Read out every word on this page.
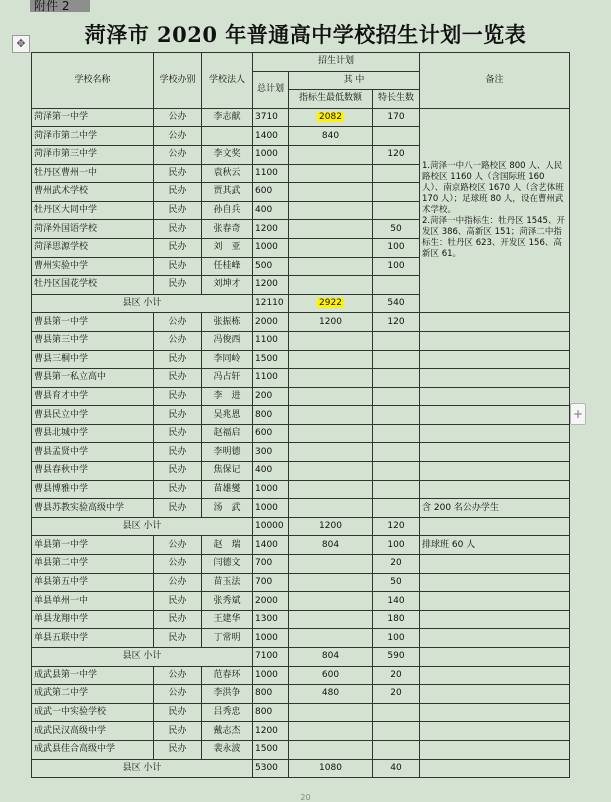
附件 2
✥	菏泽市 2020 年普通高中学校招生计划一览表
学校名称	学校办别	学校法人	招生计划			备注
			总计划	其 中		
				指标生最低数额	特长生数	
菏泽第一中学	公办	李志献	3710	2082	170	1.菏泽一中八一路校区 800 人、人民路校区 1160 人（含国际班 160 人）、南京路校区 1670 人（含艺体班 170 人）；足球班 80 人，设在曹州武术学校。
2.菏泽一中指标生：牡丹区 1545、开发区 386、高新区 151；菏泽二中指标生：牡丹区 623、开发区 156、高新区 61。
菏泽市第二中学	公办		1400	840		
菏泽市第三中学	公办	李文奖	1000		120	
牡丹区曹州一中	民办	袁秋云	1100			
曹州武术学校	民办	贾其武	600			
牡丹区大同中学	民办	孙自兵	400			
菏泽外国语学校	民办	张春奇	1200		50	
菏泽思源学校	民办	刘　亚	1000		100	
曹州实验中学	民办	任桂峰	500		100	
牡丹区国花学校	民办	刘坤才	1200			
县区 小计			12110	2922	540	
曹县第一中学	公办	张振栋	2000	1200	120	
曹县第三中学	公办	冯俊西	1100			
曹县三桐中学	民办	李同岭	1500			
曹县第一私立高中	民办	冯占轩	1100			
曹县育才中学	民办	李　进	200			
曹县民立中学	民办	吴兆恩	800			
曹县北城中学	民办	赵福启	600			
曹县孟贤中学	民办	李明德	300			
曹县春秋中学	民办	焦保记	400			
曹县博雅中学	民办	苗雄燮	1000			
曹县苏教实验高级中学	民办	汤　武	1000			含 200 名公办学生
县区 小计			10000	1200	120	
单县第一中学	公办	赵　瑞	1400	804	100	排球班 60 人
单县第二中学	公办	闫德文	700		20	
单县第五中学	公办	苗玉法	700		50	
单县单州一中	民办	张秀斌	2000		140	
单县龙翔中学	民办	王建华	1300		180	
单县五联中学	民办	丁常明	1000		100	
县区 小计			7100	804	590	
成武县第一中学	公办	范春环	1000	600	20	
成武第二中学	公办	李洪争	800	480	20	
成武一中实验学校	民办	吕秀忠	800			
成武民汉高级中学	民办	戴志杰	1200			
成武县佳合高级中学	民办	裴永波	1500			
县区 小计			5300	1080	40	
+
20
